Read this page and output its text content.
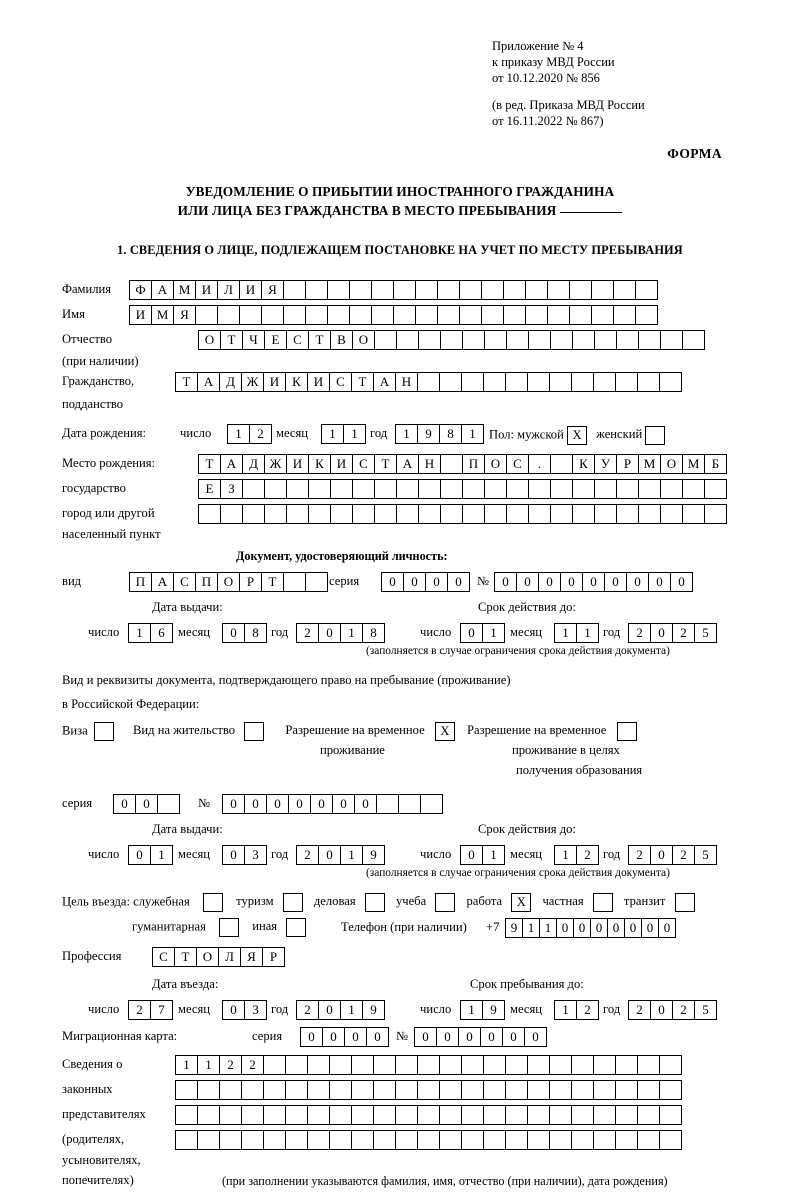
Приложение № 4
к приказу МВД России
от 10.12.2020 № 856
(в ред. Приказа МВД России
от 16.11.2022 № 867)
ФОРМА
УВЕДОМЛЕНИЕ О ПРИБЫТИИ ИНОСТРАННОГО ГРАЖДАНИНА
ИЛИ ЛИЦА БЕЗ ГРАЖДАНСТВА В МЕСТО ПРЕБЫВАНИЯ
1. СВЕДЕНИЯ О ЛИЦЕ, ПОДЛЕЖАЩЕМ ПОСТАНОВКЕ НА УЧЕТ ПО МЕСТУ ПРЕБЫВАНИЯ
Фамилия	Ф А М И Л И Я
Имя	И М Я
Отчество	О	Т	Ч	Е	С	Т	В О
(при наличии)
Гражданство,	Т	А Д Ж И К И С	Т	А Н
подданство
Дата рождения:	число	1	2 месяц	1	1 год	1	9	8	1	Пол: мужской X женский
Место рождения:	Т	А Д Ж И К И С	Т	А Н	П О С	.	К	У	Р М О М Б
государство	Е	З
город или другой
населенный пункт
Документ, удостоверяющий личность:
вид	П А С П О	Р	Т	серия	0	0	0	0	№	0	0	0	0	0	0	0	0	0
Дата выдачи:	Срок действия до:
число	1	6	месяц	0	8 год	2	0	1	8	число	0	1	месяц	1	1 год	2	0	2	5
(заполняется в случае ограничения срока действия документа)
Вид и реквизиты документа, подтверждающего право на пребывание (проживание)
в Российской Федерации:
Виза	Вид на жительство	Разрешение на временное X Разрешение на временное
проживание	проживание в целях
получения образования
серия	0	0	№	0	0	0	0	0	0	0
Дата выдачи:	Срок действия до:
число	0	1	месяц	0	3 год	2	0	1	9	число	0	1	месяц	1	2 год	2	0	2	5
(заполняется в случае ограничения срока действия документа)
Цель въезда: служебная	туризм	деловая	учеба	работа X частная	транзит
гуманитарная	иная	Телефон (при наличии) +7 9 1 1 0 0 0 0 0 0 0
Профессия	С	Т	О Л	Я	Р
Дата въезда:	Срок пребывания до:
число	2	7	месяц	0	3 год	2	0	1	9	число	1	9	месяц	1	2 год	2	0	2	5
Миграционная карта:	серия	0	0	0	0	№	0	0	0	0	0	0
Сведения о	1	1	2	2
законных
представителях
(родителях,
усыновителях,
попечителях)	(при заполнении указываются фамилия, имя, отчество (при наличии), дата рождения)
